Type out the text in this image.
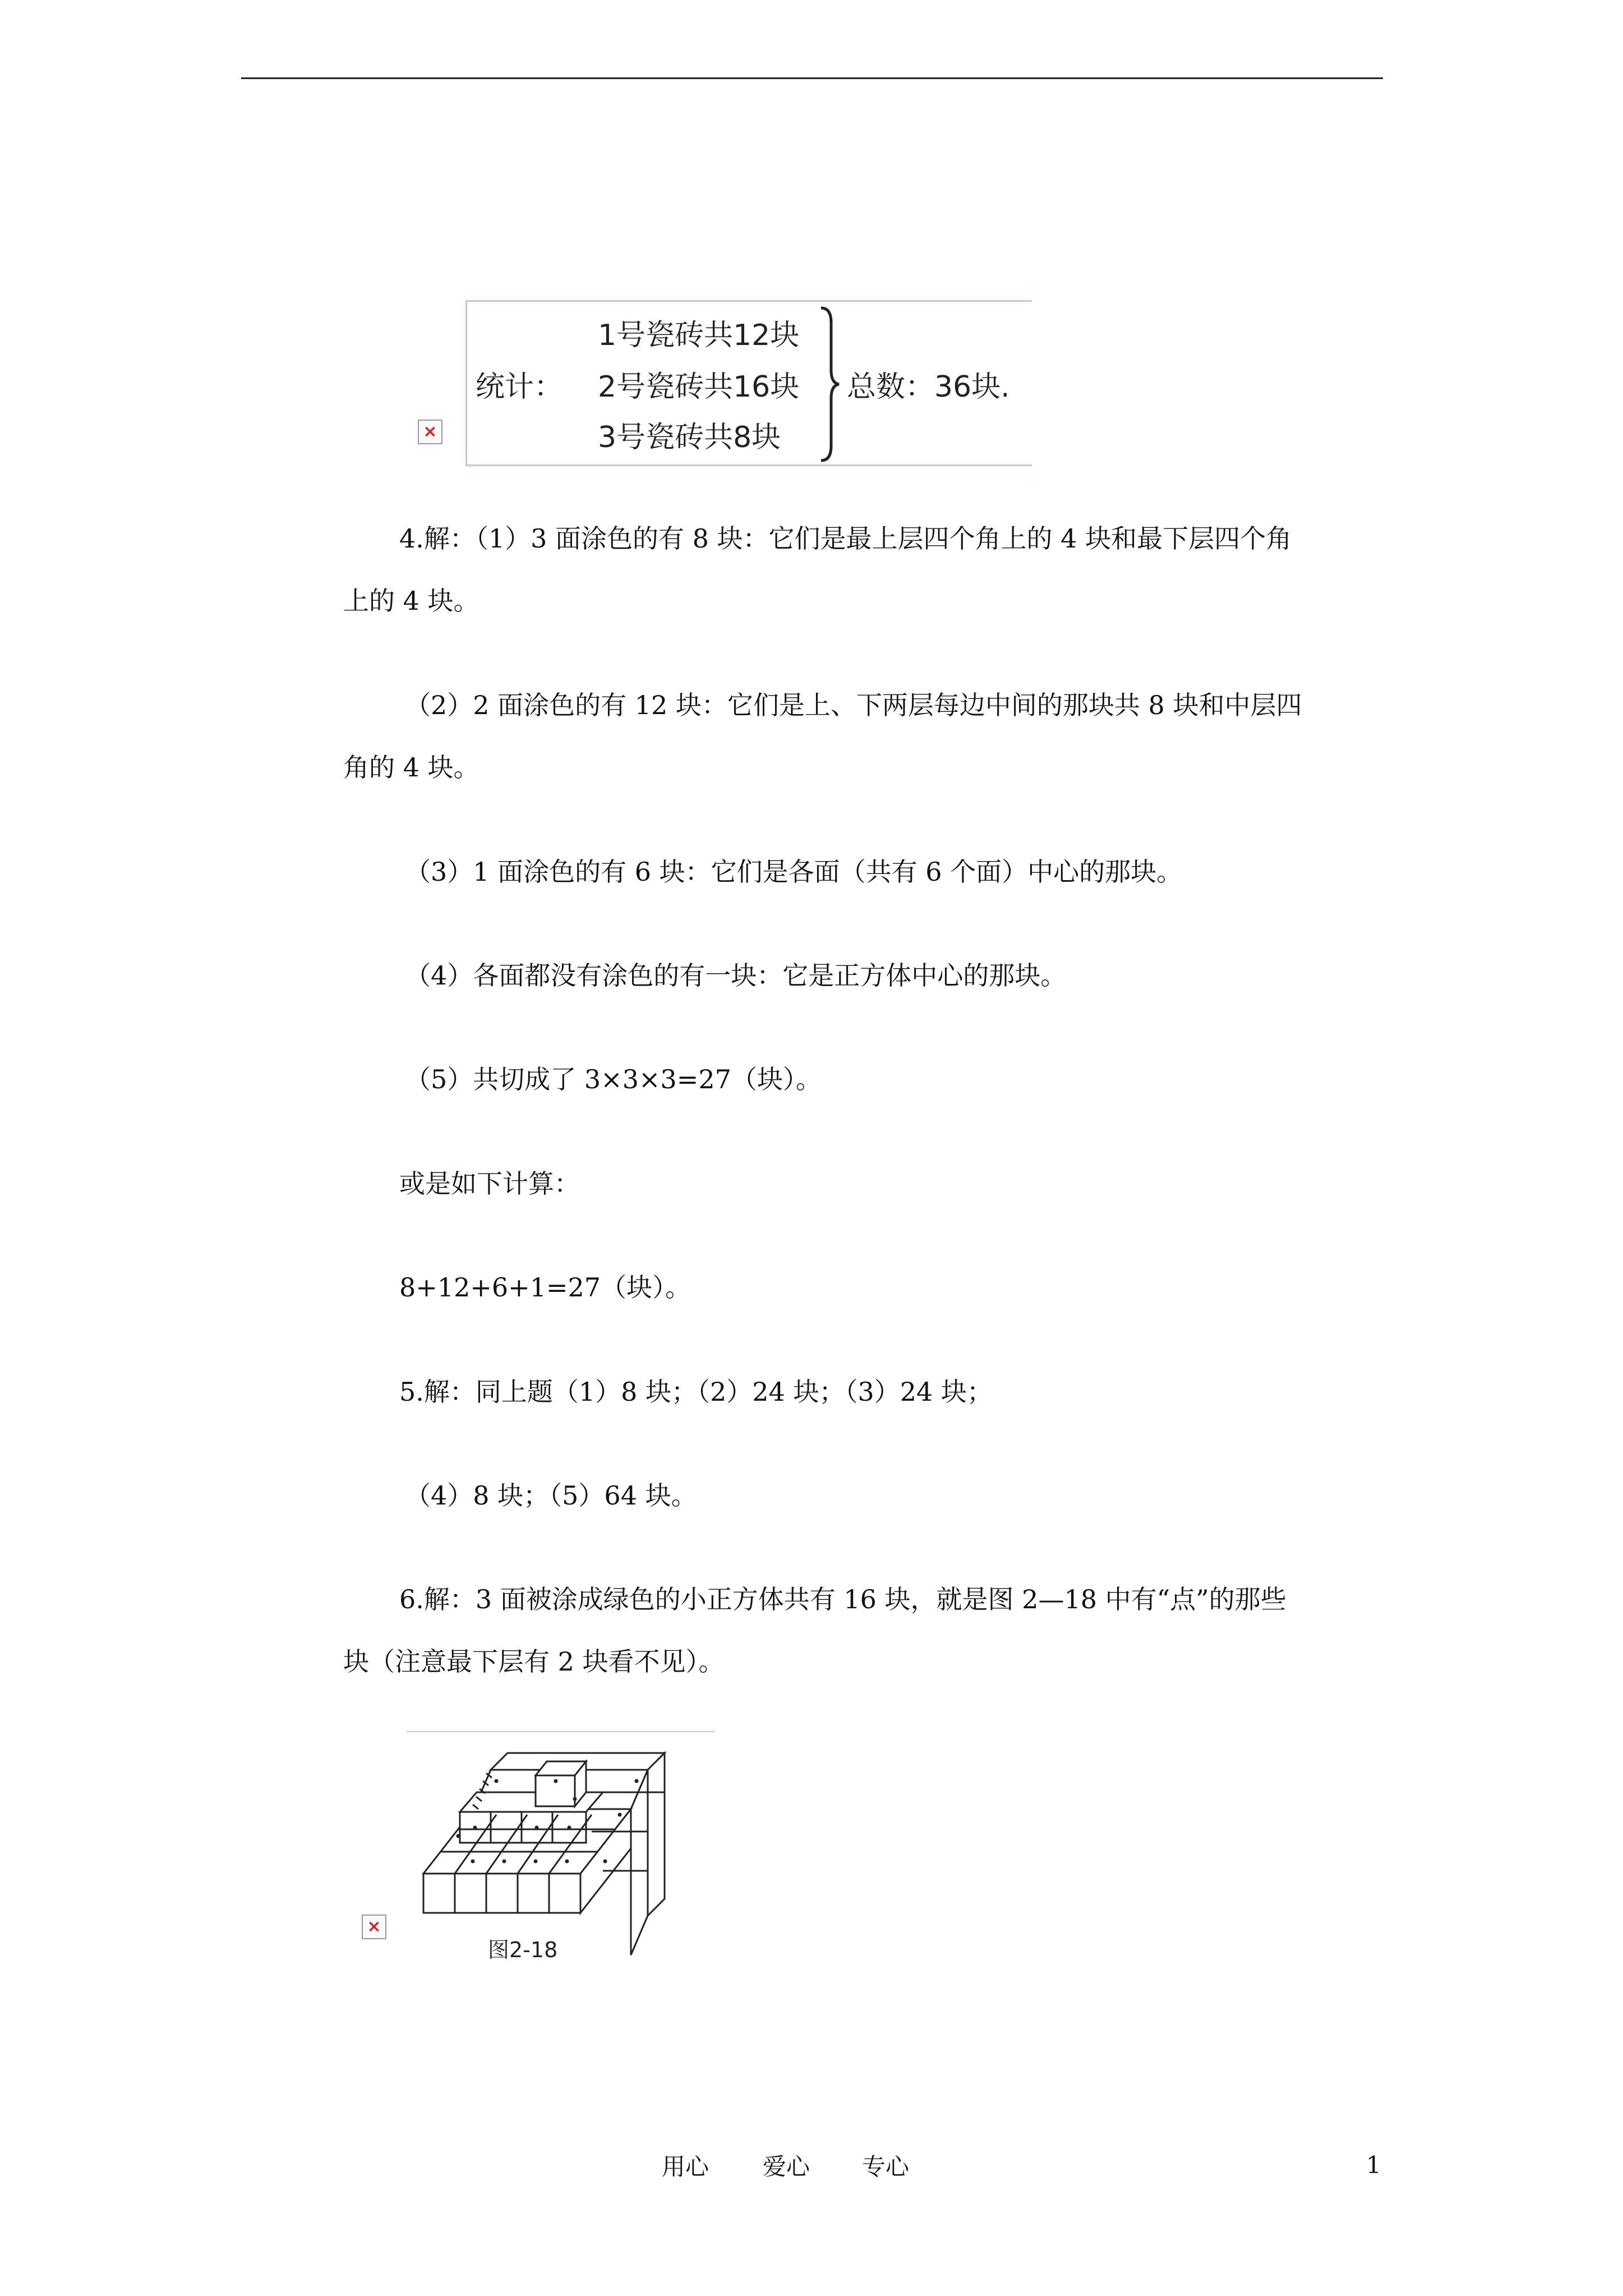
×
统计：
1号瓷砖共12块
2号瓷砖共16块
3号瓷砖共8块
总数：36块.
4.解：（1）3 面涂色的有 8 块：它们是最上层四个角上的 4 块和最下层四个角
上的 4 块。
（2）2 面涂色的有 12 块：它们是上、下两层每边中间的那块共 8 块和中层四
角的 4 块。
（3）1 面涂色的有 6 块：它们是各面（共有 6 个面）中心的那块。
（4）各面都没有涂色的有一块：它是正方体中心的那块。
（5）共切成了 3×3×3=27（块）。
或是如下计算：
8+12+6+1=27（块）。
5.解：同上题（1）8 块；（2）24 块；（3）24 块；
（4）8 块；（5）64 块。
6.解：3 面被涂成绿色的小正方体共有 16 块，就是图 2—18 中有“点”的那些
块（注意最下层有 2 块看不见）。
×
图2-18
用心 爱心 专心	1
